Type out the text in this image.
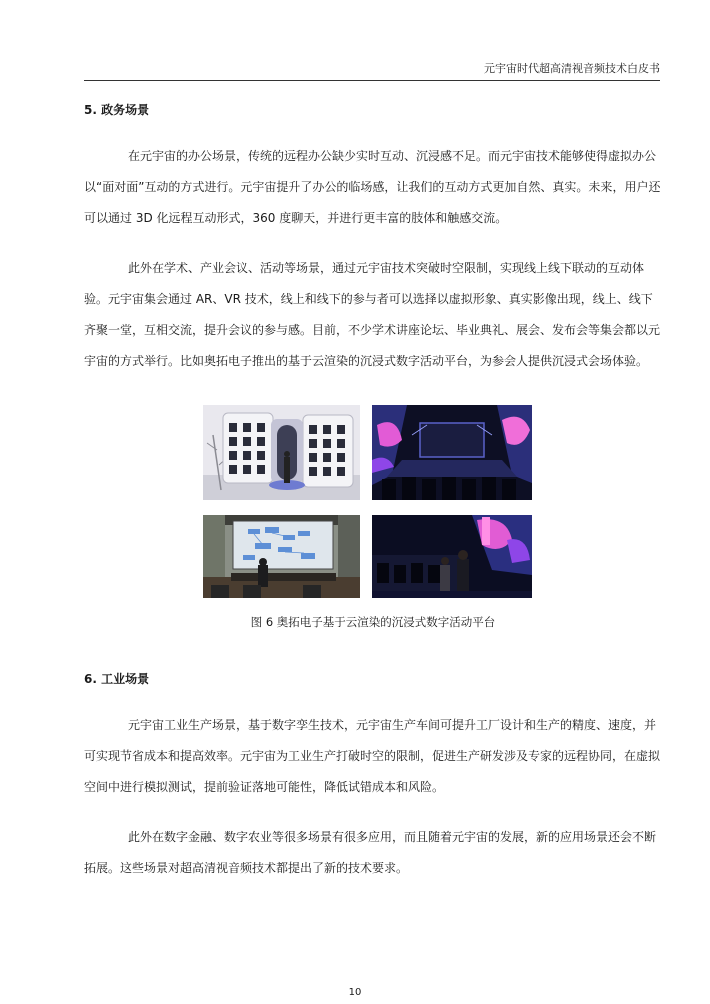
元宇宙时代超高清视音频技术白皮书
5. 政务场景

在元宇宙的办公场景，传统的远程办公缺少实时互动、沉浸感不足。而元宇宙技术能够使得虚拟办公以“面对面”互动的方式进行。元宇宙提升了办公的临场感，让我们的互动方式更加自然、真实。未来，用户还可以通过 3D 化远程互动形式，360 度聊天，并进行更丰富的肢体和触感交流。

此外在学术、产业会议、活动等场景，通过元宇宙技术突破时空限制，实现线上线下联动的互动体验。元宇宙集会通过 AR、VR 技术，线上和线下的参与者可以选择以虚拟形象、真实影像出现，线上、线下齐聚一堂，互相交流，提升会议的参与感。目前，不少学术讲座论坛、毕业典礼、展会、发布会等集会都以元宇宙的方式举行。比如奥拓电子推出的基于云渲染的沉浸式数字活动平台，为参会人提供沉浸式会场体验。

图 6 奥拓电子基于云渲染的沉浸式数字活动平台
6. 工业场景

元宇宙工业生产场景，基于数字孪生技术，元宇宙生产车间可提升工厂设计和生产的精度、速度，并可实现节省成本和提高效率。元宇宙为工业生产打破时空的限制，促进生产研发涉及专家的远程协同，在虚拟空间中进行模拟测试，提前验证落地可能性，降低试错成本和风险。

此外在数字金融、数字农业等很多场景有很多应用，而且随着元宇宙的发展，新的应用场景还会不断拓展。这些场景对超高清视音频技术都提出了新的技术要求。

10
